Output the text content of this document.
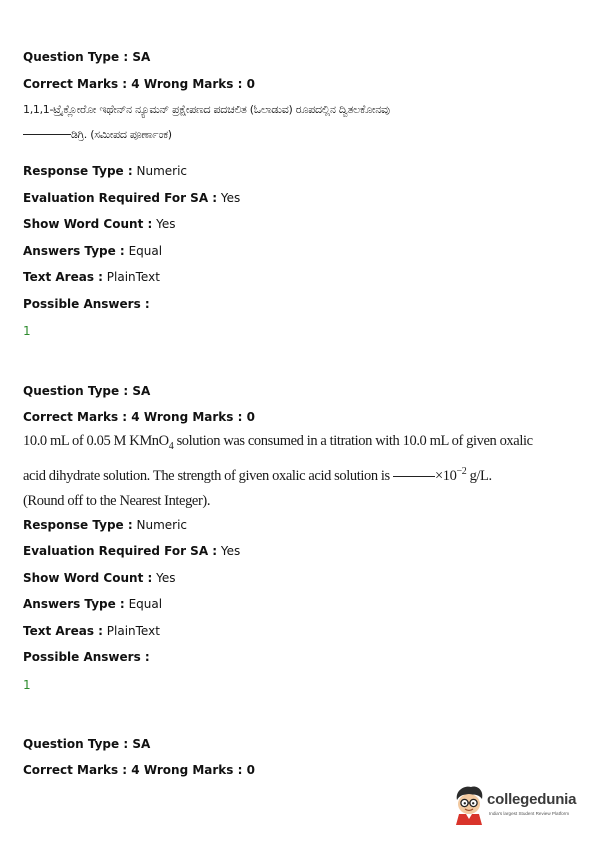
Question Type : SA
Correct Marks : 4 Wrong Marks : 0
1,1,1-ಟ್ರೈಕ್ಲೋರೋ ಇಥೇನ್‌ನ ನ್ಯೂಮನ್ ಪ್ರಕ್ಷೇಪಣದ ಪದಚಲಿತ (ಓಲಾಡುವ) ರೂಪದಲ್ಲಿನ ದ್ವಿತಲಕೋನವು
ಡಿಗ್ರಿ. (ಸಮೀಪದ ಪೂರ್ಣಾಂಕ)
Response Type : Numeric
Evaluation Required For SA : Yes
Show Word Count : Yes
Answers Type : Equal
Text Areas : PlainText
Possible Answers :
1
Question Type : SA
Correct Marks : 4 Wrong Marks : 0
10.0 mL of 0.05 M KMnO$_4$ solution was consumed in a titration with 10.0 mL of given oxalic
acid dihydrate solution. The strength of given oxalic acid solution is	$\times 10^{-2}$ g/L.
(Round off to the Nearest Integer).
Response Type : Numeric
Evaluation Required For SA : Yes
Show Word Count : Yes
Answers Type : Equal
Text Areas : PlainText
Possible Answers :
1
Question Type : SA
Correct Marks : 4 Wrong Marks : 0
collegedunia
India's largest Student Review Platform
